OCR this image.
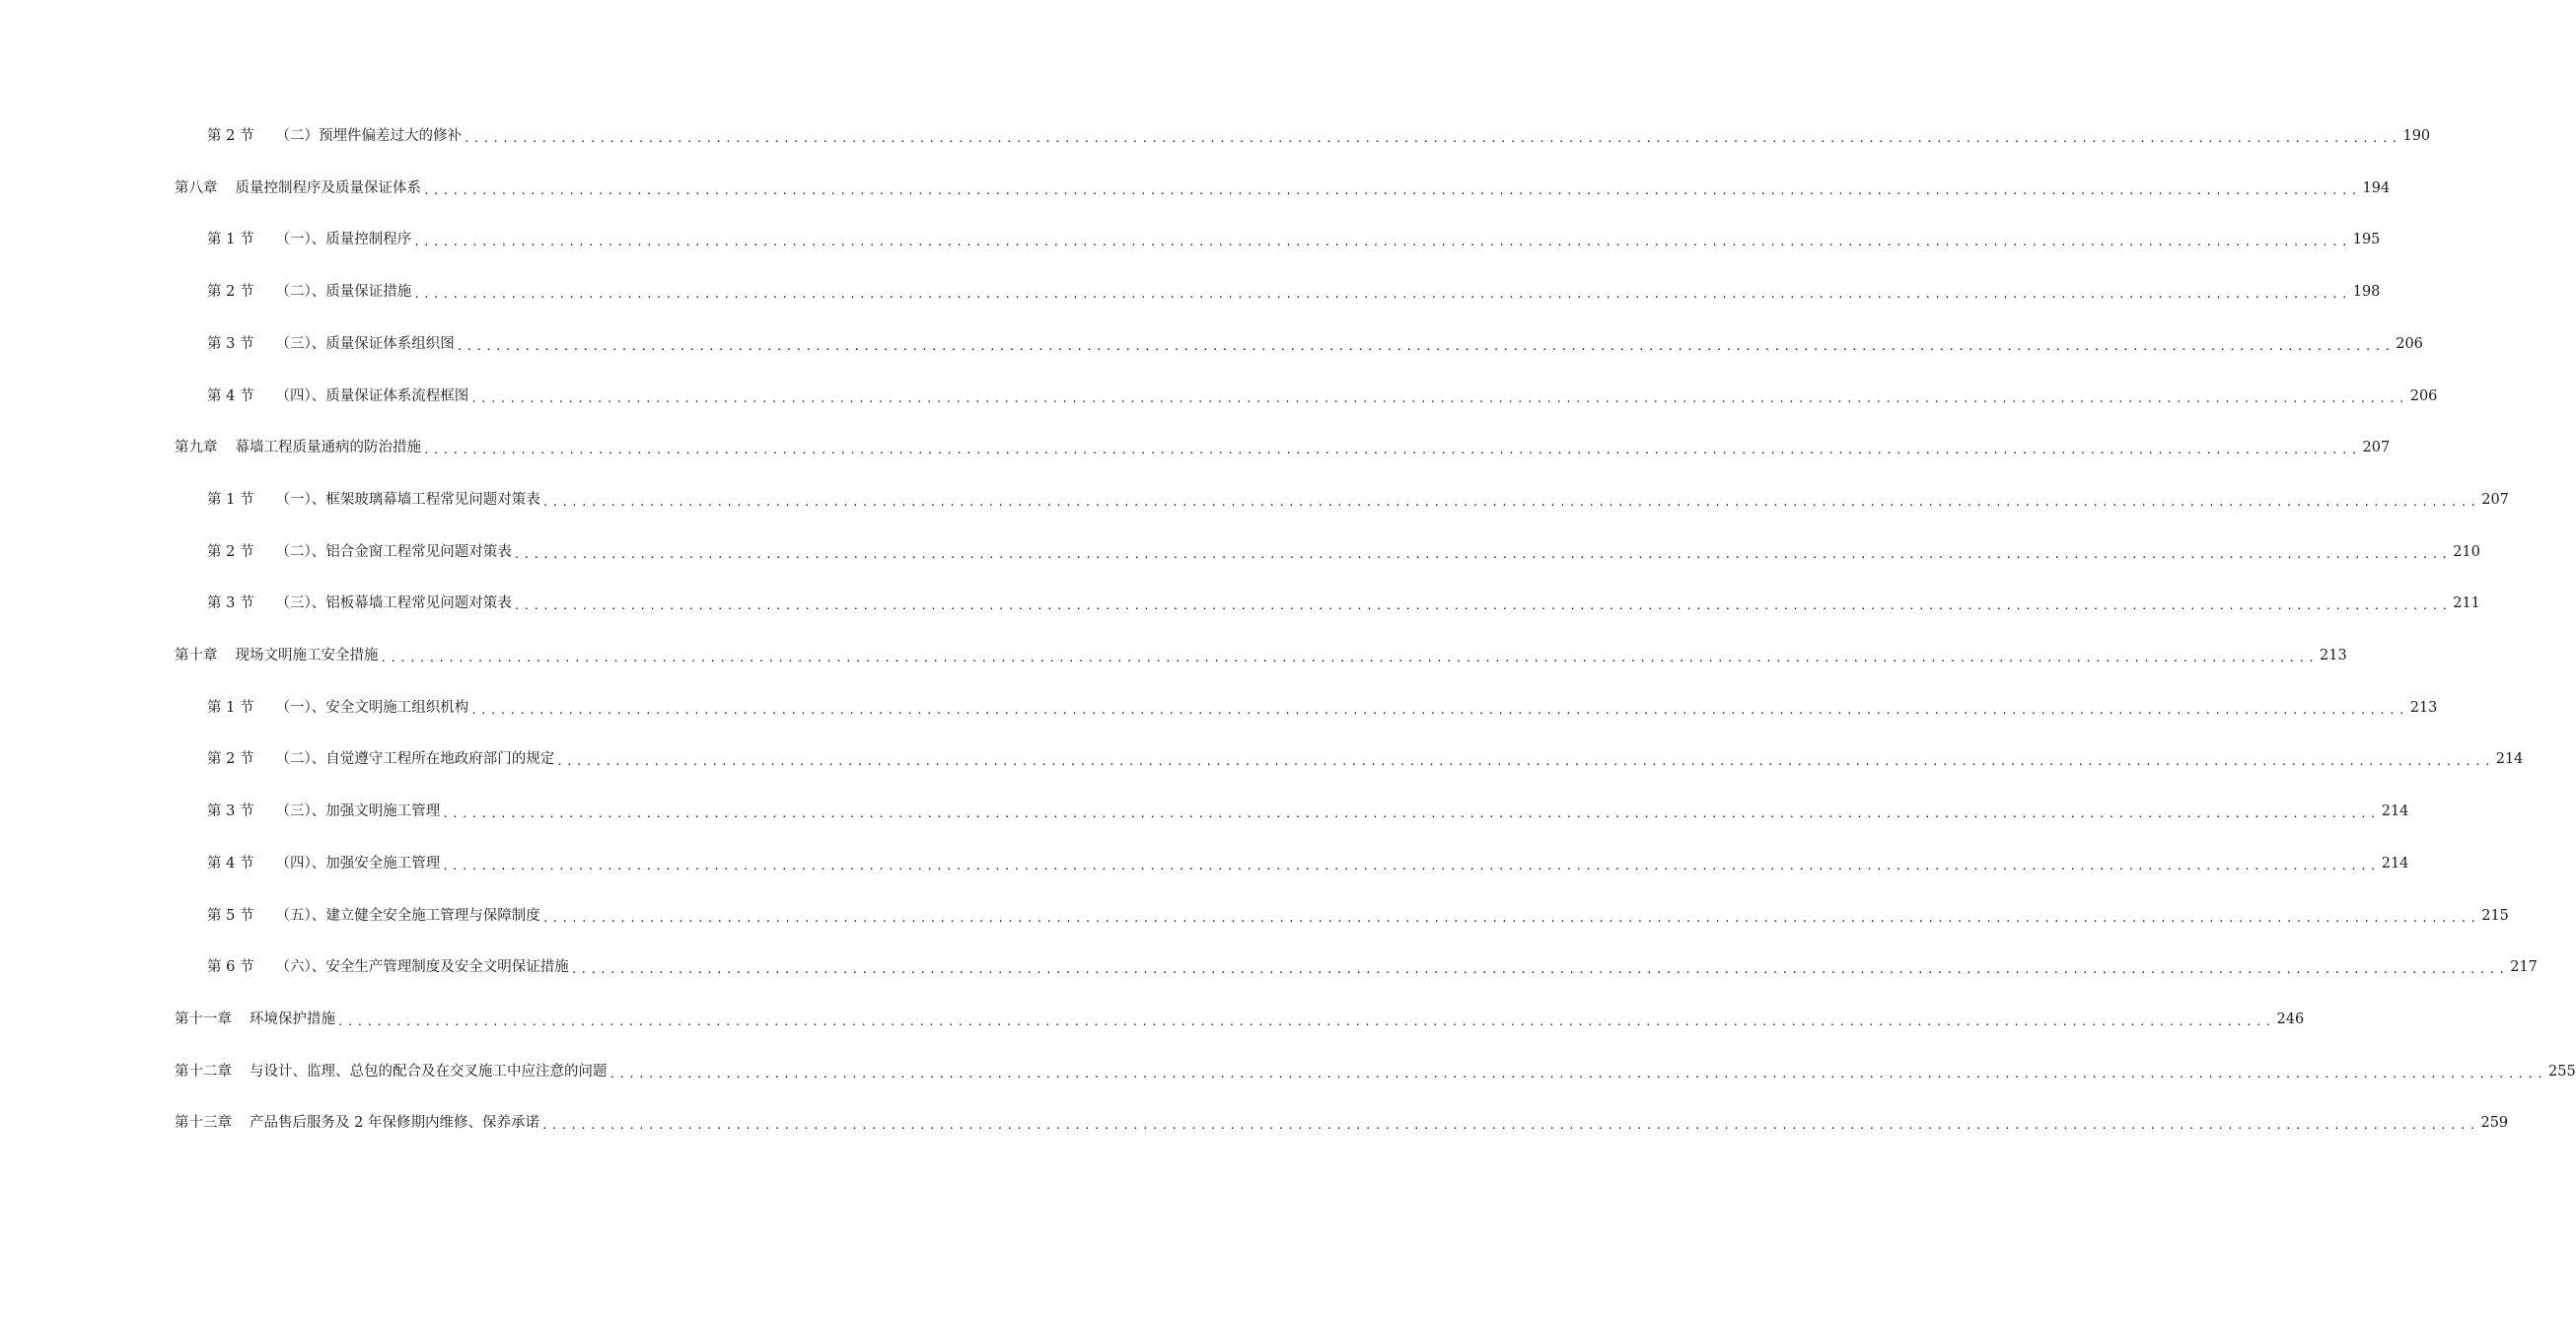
第 2 节 （二）预埋件偏差过大的修补 ........................................................................................................................................................................................................ 190
第八章 质量控制程序及质量保证体系 ........................................................................................................................................................................................................ 194
第 1 节 （一）、质量控制程序 ........................................................................................................................................................................................................ 195
第 2 节 （二）、质量保证措施 ........................................................................................................................................................................................................ 198
第 3 节 （三）、质量保证体系组织图 ........................................................................................................................................................................................................ 206
第 4 节 （四）、质量保证体系流程框图 ........................................................................................................................................................................................................ 206
第九章 幕墙工程质量通病的防治措施 ........................................................................................................................................................................................................ 207
第 1 节 （一）、框架玻璃幕墙工程常见问题对策表 ........................................................................................................................................................................................................ 207
第 2 节 （二）、铝合金窗工程常见问题对策表 ........................................................................................................................................................................................................ 210
第 3 节 （三）、铝板幕墙工程常见问题对策表 ........................................................................................................................................................................................................ 211
第十章 现场文明施工安全措施 ........................................................................................................................................................................................................ 213
第 1 节 （一）、安全文明施工组织机构 ........................................................................................................................................................................................................ 213
第 2 节 （二）、自觉遵守工程所在地政府部门的规定 ........................................................................................................................................................................................................ 214
第 3 节 （三）、加强文明施工管理 ........................................................................................................................................................................................................ 214
第 4 节 （四）、加强安全施工管理 ........................................................................................................................................................................................................ 214
第 5 节 （五）、建立健全安全施工管理与保障制度 ........................................................................................................................................................................................................ 215
第 6 节 （六）、安全生产管理制度及安全文明保证措施 ........................................................................................................................................................................................................ 217
第十一章 环境保护措施 ........................................................................................................................................................................................................ 246
第十二章 与设计、监理、总包的配合及在交叉施工中应注意的问题 ........................................................................................................................................................................................................ 255
第十三章 产品售后服务及 2 年保修期内维修、保养承诺 ........................................................................................................................................................................................................ 259
